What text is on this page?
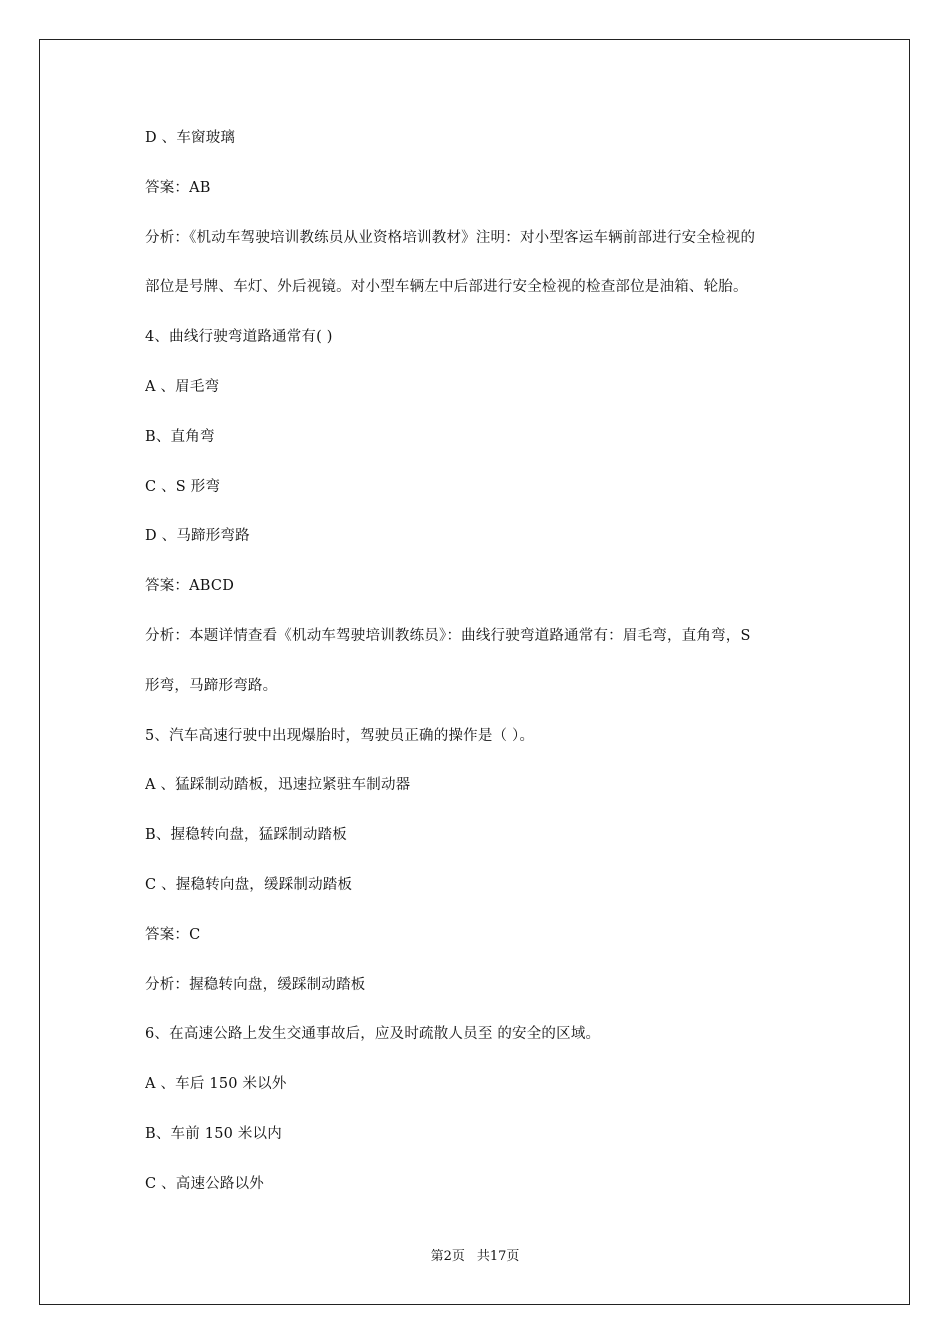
D 、车窗玻璃
答案：AB
分析：《机动车驾驶培训教练员从业资格培训教材》注明：对小型客运车辆前部进行安全检视的
部位是号牌、车灯、外后视镜。对小型车辆左中后部进行安全检视的检查部位是油箱、轮胎。
4、曲线行驶弯道路通常有( )
A 、眉毛弯
B、直角弯
C 、S 形弯
D 、马蹄形弯路
答案：ABCD
分析：本题详情查看《机动车驾驶培训教练员》：曲线行驶弯道路通常有：眉毛弯，直角弯，S
形弯，马蹄形弯路。
5、汽车高速行驶中出现爆胎时，驾驶员正确的操作是（ ）。
A 、猛踩制动踏板，迅速拉紧驻车制动器
B、握稳转向盘，猛踩制动踏板
C 、握稳转向盘，缓踩制动踏板
答案：C
分析：握稳转向盘，缓踩制动踏板
6、在高速公路上发生交通事故后，应及时疏散人员至 的安全的区域。
A 、车后 150 米以外
B、车前 150 米以内
C 、高速公路以外
第2页 共17页
